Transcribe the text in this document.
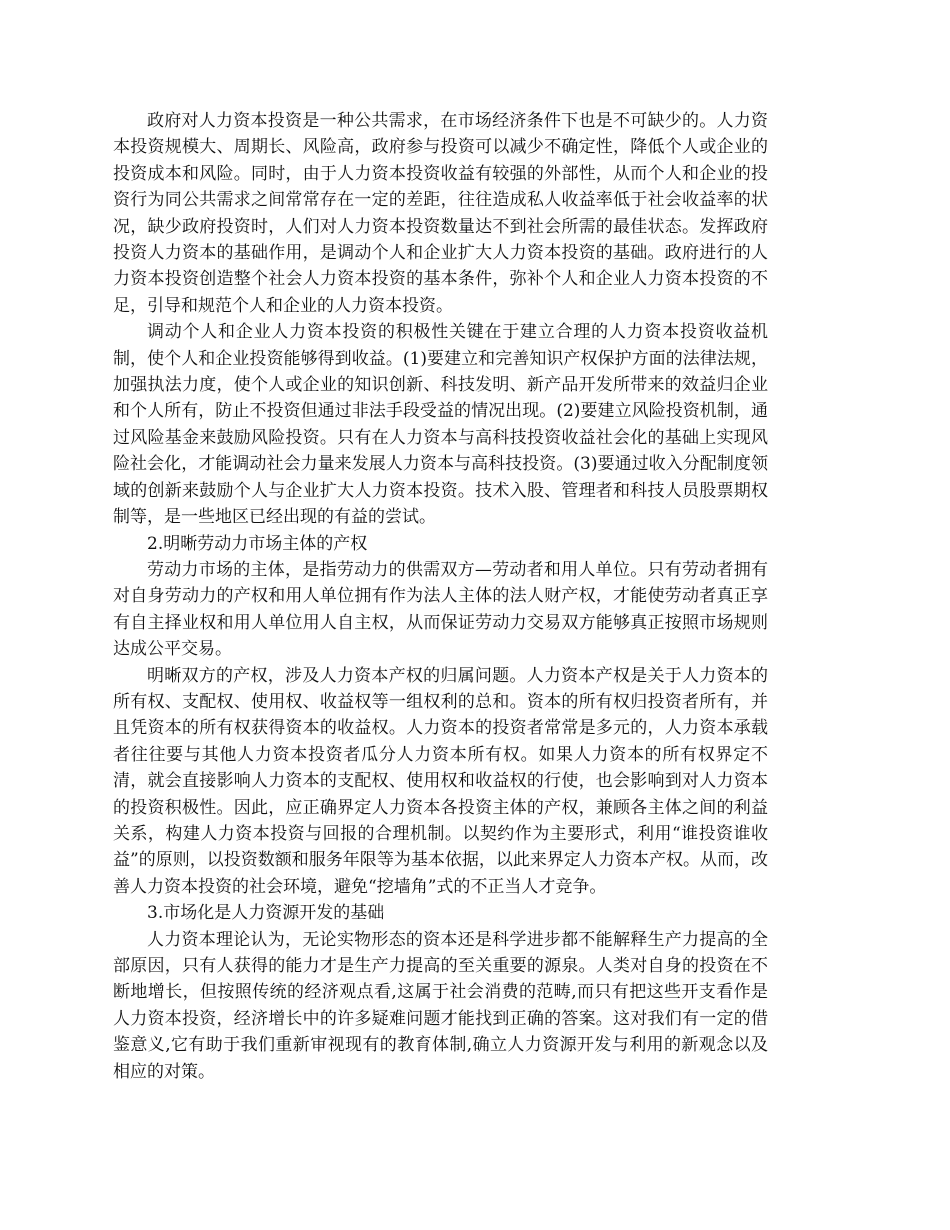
政府对人力资本投资是一种公共需求，在市场经济条件下也是不可缺少的。人力资本投资规模大、周期长、风险高，政府参与投资可以减少不确定性，降低个人或企业的投资成本和风险。同时，由于人力资本投资收益有较强的外部性，从而个人和企业的投资行为同公共需求之间常常存在一定的差距，往往造成私人收益率低于社会收益率的状况，缺少政府投资时，人们对人力资本投资数量达不到社会所需的最佳状态。发挥政府投资人力资本的基础作用，是调动个人和企业扩大人力资本投资的基础。政府进行的人力资本投资创造整个社会人力资本投资的基本条件，弥补个人和企业人力资本投资的不足，引导和规范个人和企业的人力资本投资。

调动个人和企业人力资本投资的积极性关键在于建立合理的人力资本投资收益机制，使个人和企业投资能够得到收益。(1)要建立和完善知识产权保护方面的法律法规，加强执法力度，使个人或企业的知识创新、科技发明、新产品开发所带来的效益归企业和个人所有，防止不投资但通过非法手段受益的情况出现。(2)要建立风险投资机制，通过风险基金来鼓励风险投资。只有在人力资本与高科技投资收益社会化的基础上实现风险社会化，才能调动社会力量来发展人力资本与高科技投资。(3)要通过收入分配制度领域的创新来鼓励个人与企业扩大人力资本投资。技术入股、管理者和科技人员股票期权制等，是一些地区已经出现的有益的尝试。

2.明晰劳动力市场主体的产权

劳动力市场的主体，是指劳动力的供需双方—劳动者和用人单位。只有劳动者拥有对自身劳动力的产权和用人单位拥有作为法人主体的法人财产权，才能使劳动者真正享有自主择业权和用人单位用人自主权，从而保证劳动力交易双方能够真正按照市场规则达成公平交易。

明晰双方的产权，涉及人力资本产权的归属问题。人力资本产权是关于人力资本的所有权、支配权、使用权、收益权等一组权利的总和。资本的所有权归投资者所有，并且凭资本的所有权获得资本的收益权。人力资本的投资者常常是多元的，人力资本承载者往往要与其他人力资本投资者瓜分人力资本所有权。如果人力资本的所有权界定不清，就会直接影响人力资本的支配权、使用权和收益权的行使，也会影响到对人力资本的投资积极性。因此，应正确界定人力资本各投资主体的产权，兼顾各主体之间的利益关系，构建人力资本投资与回报的合理机制。以契约作为主要形式，利用“谁投资谁收益”的原则，以投资数额和服务年限等为基本依据，以此来界定人力资本产权。从而，改善人力资本投资的社会环境，避免“挖墙角”式的不正当人才竞争。

3.市场化是人力资源开发的基础

人力资本理论认为，无论实物形态的资本还是科学进步都不能解释生产力提高的全部原因，只有人获得的能力才是生产力提高的至关重要的源泉。人类对自身的投资在不断地增长，但按照传统的经济观点看,这属于社会消费的范畴,而只有把这些开支看作是人力资本投资，经济增长中的许多疑难问题才能找到正确的答案。这对我们有一定的借鉴意义,它有助于我们重新审视现有的教育体制,确立人力资源开发与利用的新观念以及相应的对策。
